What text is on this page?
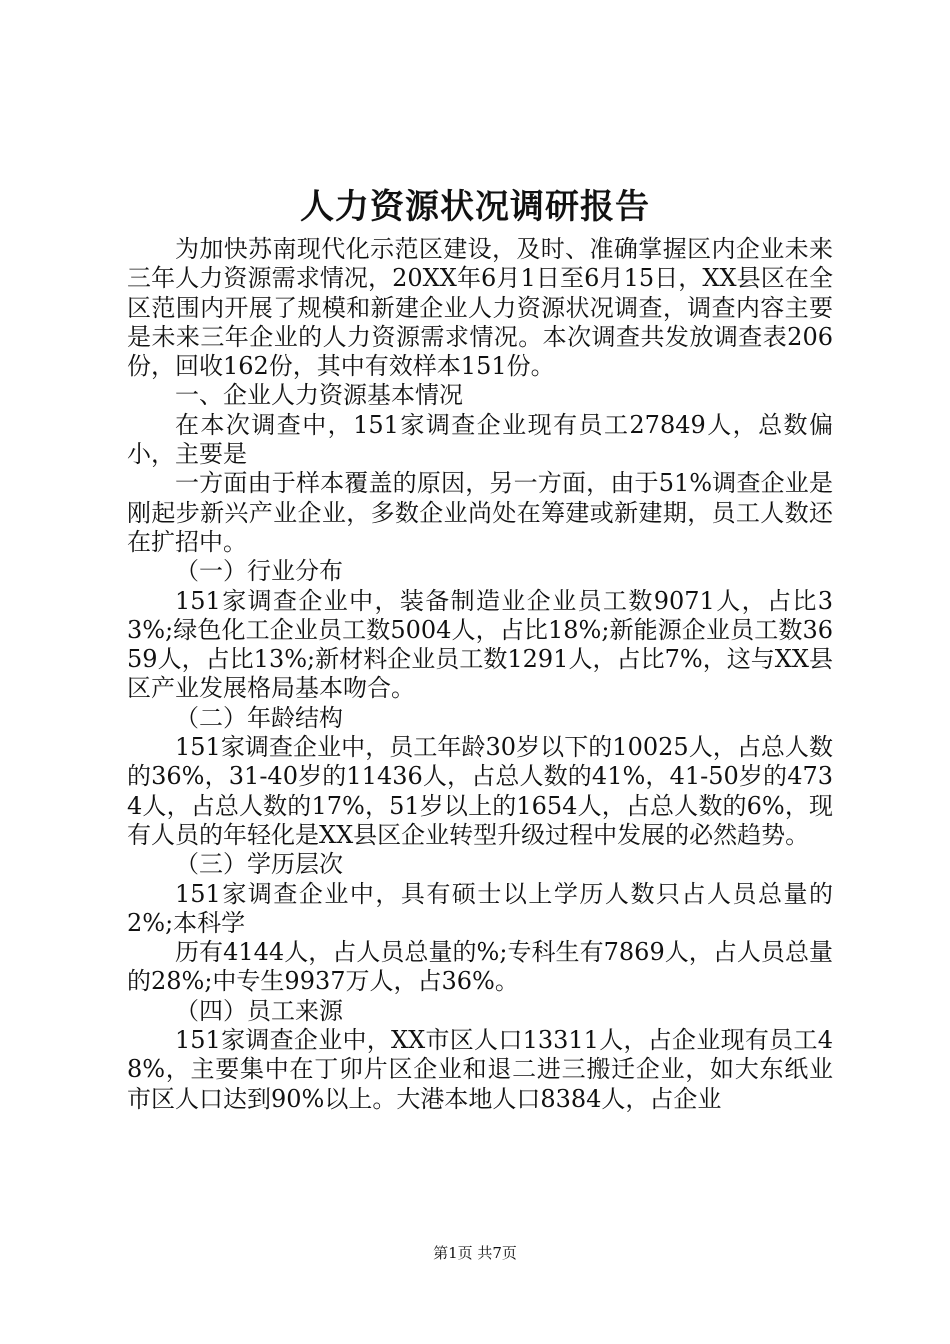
人力资源状况调研报告

为加快苏南现代化示范区建设，及时、准确掌握区内企业未来三年人力资源需求情况，20XX年6月1日至6月15日，XX县区在全区范围内开展了规模和新建企业人力资源状况调查，调查内容主要是未来三年企业的人力资源需求情况。本次调查共发放调查表206份，回收162份，其中有效样本151份。

一、企业人力资源基本情况

在本次调查中，151家调查企业现有员工27849人，总数偏小，主要是

一方面由于样本覆盖的原因，另一方面，由于51%调查企业是刚起步新兴产业企业，多数企业尚处在筹建或新建期，员工人数还在扩招中。

（一）行业分布

151家调查企业中，装备制造业企业员工数9071人，占比33%;绿色化工企业员工数5004人，占比18%;新能源企业员工数3659人，占比13%;新材料企业员工数1291人，占比7%，这与XX县区产业发展格局基本吻合。

（二）年龄结构

151家调查企业中，员工年龄30岁以下的10025人，占总人数的36%，31-40岁的11436人，占总人数的41%，41-50岁的4734人，占总人数的17%，51岁以上的1654人，占总人数的6%，现有人员的年轻化是XX县区企业转型升级过程中发展的必然趋势。

（三）学历层次

151家调查企业中，具有硕士以上学历人数只占人员总量的2%;本科学

历有4144人，占人员总量的%;专科生有7869人，占人员总量的28%;中专生9937万人，占36%。

（四）员工来源

151家调查企业中，XX市区人口13311人，占企业现有员工48%，主要集中在丁卯片区企业和退二进三搬迁企业，如大东纸业市区人口达到90%以上。大港本地人口8384人，占企业

第1页 共7页
